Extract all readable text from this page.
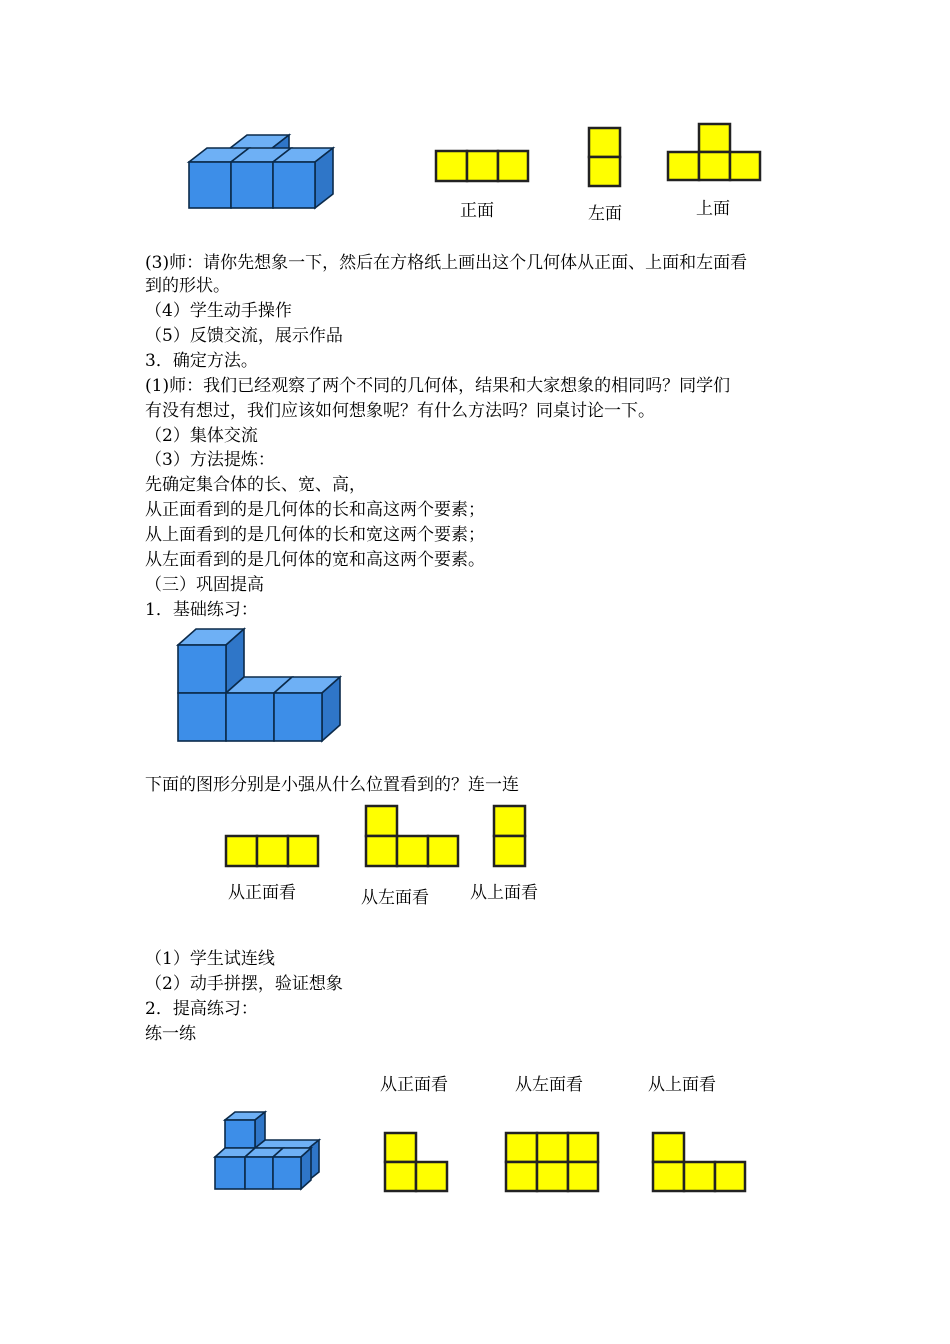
正面	左面	上面
(3)师：请你先想象一下，然后在方格纸上画出这个几何体从正面、上面和左面看
到的形状。
（4）学生动手操作
（5）反馈交流，展示作品
3．确定方法。
(1)师：我们已经观察了两个不同的几何体，结果和大家想象的相同吗？同学们
有没有想过，我们应该如何想象呢？有什么方法吗？同桌讨论一下。
（2）集体交流
（3）方法提炼：
先确定集合体的长、宽、高，
从正面看到的是几何体的长和高这两个要素；
从上面看到的是几何体的长和宽这两个要素；
从左面看到的是几何体的宽和高这两个要素。
（三）巩固提高
1．基础练习：
下面的图形分别是小强从什么位置看到的？连一连
从正面看	从左面看 从上面看
（1）学生试连线
（2）动手拼摆，验证想象
2．提高练习：
练一练
从正面看	从左面看	从上面看
